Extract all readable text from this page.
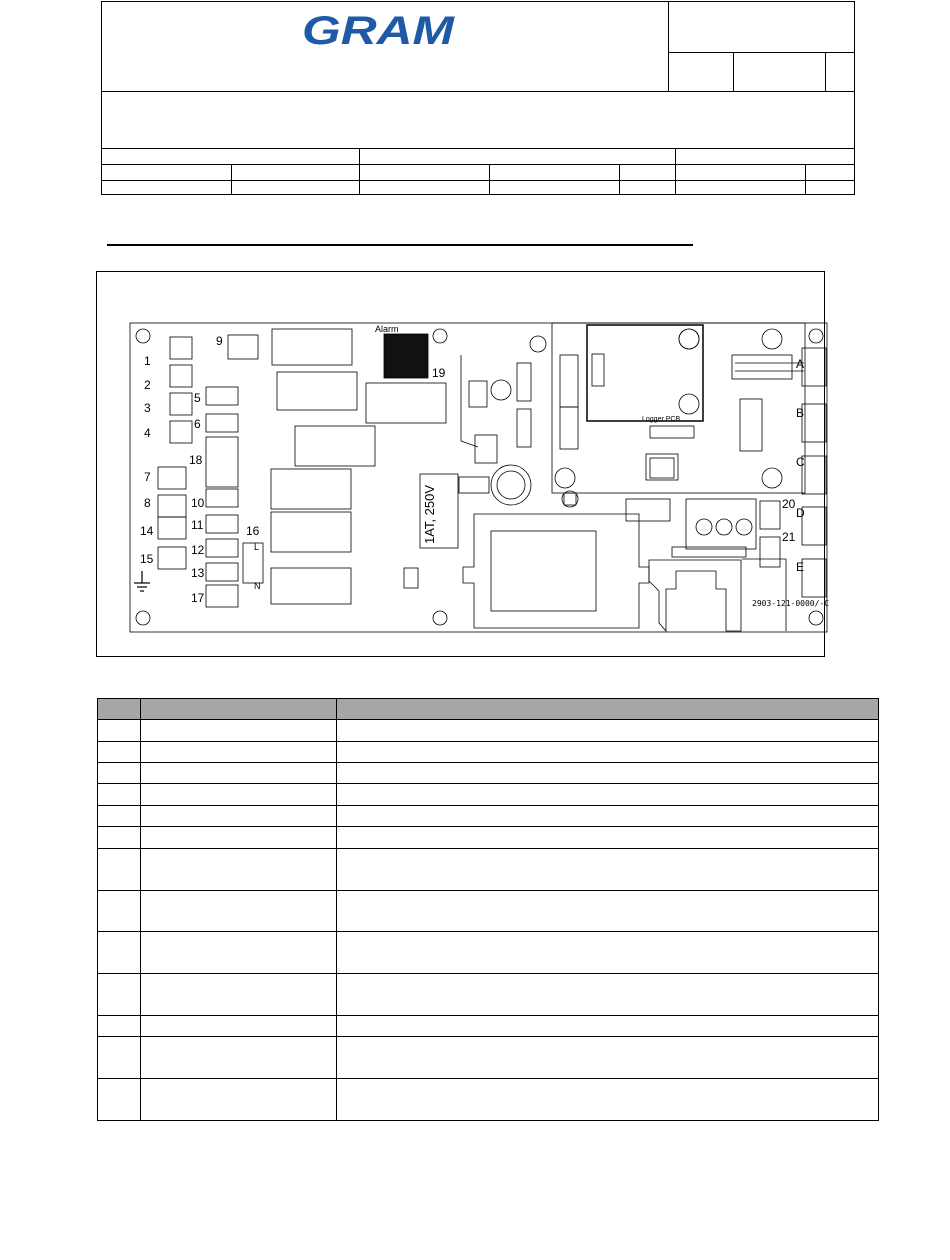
GRAM
1
2
3
4
5
6
7
8
9
10
11
12
13
14
15
16
17
18
19
20
21
A
B
C
D
E
Alarm
1AT, 250V
Logger PCB
2903-121-0000/-C
L
N
